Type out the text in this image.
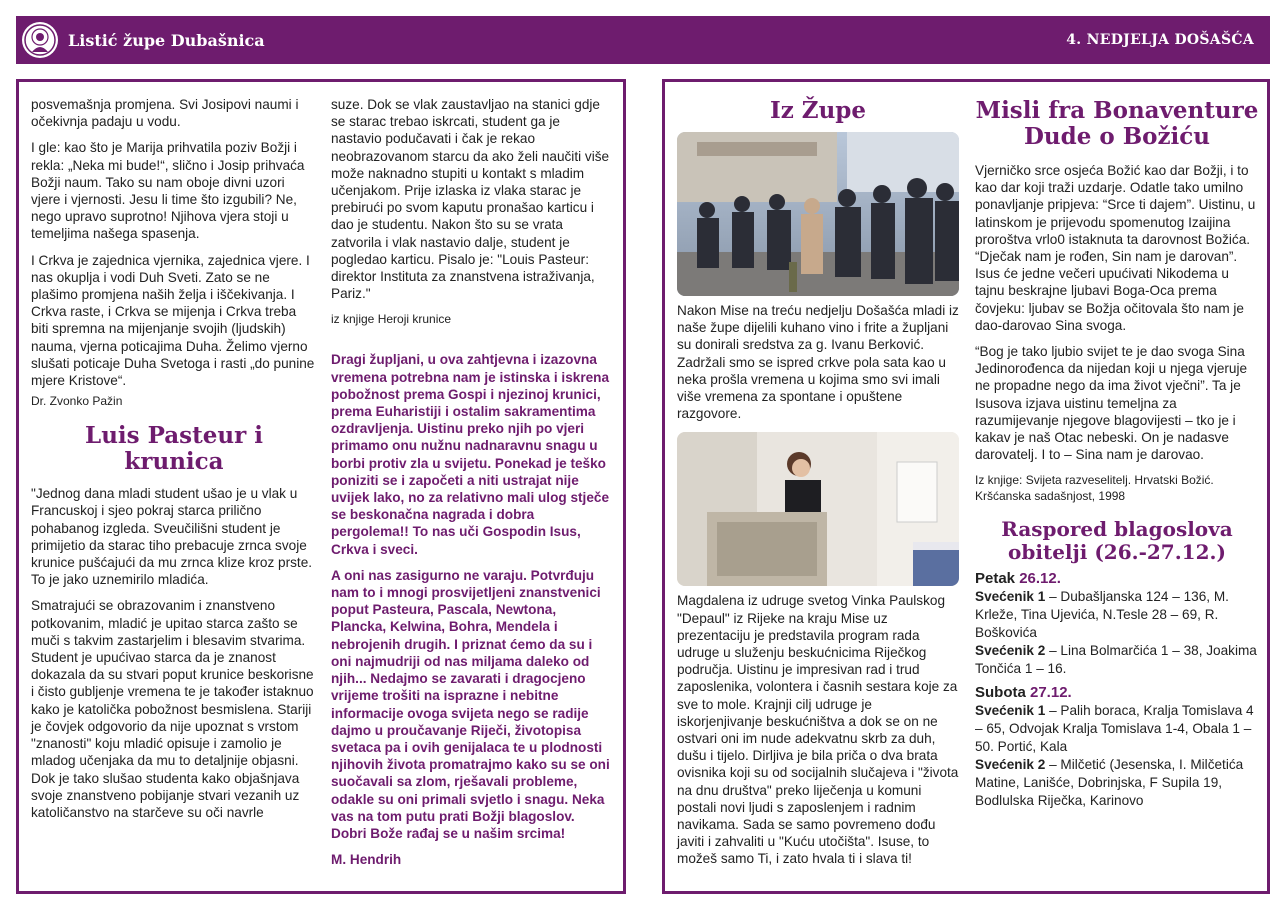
Listić župe Dubašnica	4. NEDJELJA DOŠAŠĆA

posvemašnja promjena. Svi Josipovi naumi i očekivnja padaju u vodu.

I gle: kao što je Marija prihvatila poziv Božji i rekla: „Neka mi bude!“, slično i Josip prihvaća Božji naum. Tako su nam oboje divni uzori vjere i vjernosti. Jesu li time što izgubili? Ne, nego upravo suprotno! Njihova vjera stoji u temeljima našega spasenja.

I Crkva je zajednica vjernika, zajednica vjere. I nas okuplja i vodi Duh Sveti. Zato se ne plašimo promjena naših želja i iščekivanja. I Crkva raste, i Crkva se mijenja i Crkva treba biti spremna na mijenjanje svojih (ljudskih) nauma, vjerna poticajima Duha. Želimo vjerno slušati poticaje Duha Svetoga i rasti „do punine mjere Kristove“.

Dr. Zvonko Pažin

Luis Pasteur i krunica

"Jednog dana mladi student ušao je u vlak u Francuskoj i sjeo pokraj starca prilično pohabanog izgleda. Sveučilišni student je primijetio da starac tiho prebacuje zrnca svoje krunice pušćajući da mu zrnca klize kroz prste. To je jako uznemirilo mladića.

Smatrajući se obrazovanim i znanstveno potkovanim, mladić je upitao starca zašto se muči s takvim zastarjelim i blesavim stvarima. Student je upućivao starca da je znanost dokazala da su stvari poput krunice beskorisne i čisto gubljenje vremena te je također istaknuo kako je katolička pobožnost besmislena. Stariji je čovjek odgovorio da nije upoznat s vrstom "znanosti" koju mladić opisuje i zamolio je mladog učenjaka da mu to detaljnije objasni. Dok je tako slušao studenta kako objašnjava svoje znanstveno pobijanje stvari vezanih uz katoličanstvo na starčeve su oči navrle

suze. Dok se vlak zaustavljao na stanici gdje se starac trebao iskrcati, student ga je nastavio podučavati i čak je rekao neobrazovanom starcu da ako želi naučiti više može naknadno stupiti u kontakt s mladim učenjakom. Prije izlaska iz vlaka starac je prebirući po svom kaputu pronašao karticu i dao je studentu. Nakon što su se vrata zatvorila i vlak nastavio dalje, student je pogledao karticu. Pisalo je: "Louis Pasteur: direktor Instituta za znanstvena istraživanja, Pariz."

iz knjige Heroji krunice

Dragi župljani, u ova zahtjevna i izazovna vremena potrebna nam je istinska i iskrena pobožnost prema Gospi i njezinoj krunici, prema Euharistiji i ostalim sakramentima ozdravljenja. Uistinu preko njih po vjeri primamo onu nužnu nadnaravnu snagu u borbi protiv zla u svijetu. Ponekad je teško poniziti se i započeti a niti ustrajat nije uvijek lako, no za relativno mali ulog stječe se beskonačna nagrada i dobra pergolema!! To nas uči Gospodin Isus, Crkva i sveci.

A oni nas zasigurno ne varaju. Potvrđuju nam to i mnogi prosvijetljeni znanstvenici poput Pasteura, Pascala, Newtona, Plancka, Kelwina, Bohra, Mendela i nebrojenih drugih. I priznat ćemo da su i oni najmudriji od nas miljama daleko od njih... Nedajmo se zavarati i dragocjeno vrijeme trošiti na isprazne i nebitne informacije ovoga svijeta nego se radije dajmo u proučavanje Riječi, životopisa svetaca pa i ovih genijalaca te u plodnosti njihovih života promatrajmo kako su se oni suočavali sa zlom, rješavali probleme, odakle su oni primali svjetlo i snagu. Neka vas na tom putu prati Božji blagoslov. Dobri Bože rađaj se u našim srcima!

M. Hendrih

Iz Župe

Nakon Mise na treću nedjelju Došašća mladi iz naše župe dijelili kuhano vino i frite a župljani su donirali sredstva za g. Ivanu Berković. Zadržali smo se ispred crkve pola sata kao u neka prošla vremena u kojima smo svi imali više vremena za spontane i opuštene razgovore.

Magdalena iz udruge svetog Vinka Paulskog "Depaul" iz Rijeke na kraju Mise uz prezentaciju je predstavila program rada udruge u služenju beskućnicima Riječkog područja. Uistinu je impresivan rad i trud zaposlenika, volontera i časnih sestara koje za sve to mole. Krajnji cilj udruge je iskorjenjivanje beskućništva a dok se on ne ostvari oni im nude adekvatnu skrb za duh, dušu i tijelo. Dirljiva je bila priča o dva brata ovisnika koji su od socijalnih slučajeva i "života na dnu društva" preko liječenja u komuni postali novi ljudi s zaposlenjem i radnim navikama. Sada se samo povremeno dođu javiti i zahvaliti u "Kuću utočišta". Isuse, to možeš samo Ti, i zato hvala ti i slava ti!

Misli fra Bonaventure Dude o Božiću

Vjerničko srce osjeća Božić kao dar Božji, i to kao dar koji traži uzdarje. Odatle tako umilno ponavljanje pripjeva: “Srce ti dajem”. Uistinu, u latinskom je prijevodu spomenutog Izaijina proroštva vrlo0 istaknuta ta darovnost Božića. “Dječak nam je rođen, Sin nam je darovan”. Isus će jedne večeri upućivati Nikodema u tajnu beskrajne ljubavi Boga-Oca prema čovjeku: ljubav se Božja očitovala što nam je dao-darovao Sina svoga.

“Bog je tako ljubio svijet te je dao svoga Sina Jedinorođenca da nijedan koji u njega vjeruje ne propadne nego da ima život vječni”. Ta je Isusova izjava uistinu temeljna za razumijevanje njegove blagovijesti – tko je i kakav je naš Otac nebeski. On je nadasve darovatelj. I to – Sina nam je darovao.

Iz knjige: Svijeta razveselitelj. Hrvatski Božić. Kršćanska sadašnjost, 1998

Raspored blagoslova obitelji (26.-27.12.)
Petak 26.12.
Svećenik 1 – Dubašljanska 124 – 136, M. Krleže, Tina Ujevića, N.Tesle 28 – 69, R. Boškovića
Svećenik 2 – Lina Bolmarčića 1 – 38, Joakima Tončića 1 – 16.
Subota 27.12.
Svećenik 1 – Palih boraca, Kralja Tomislava 4 – 65, Odvojak Kralja Tomislava 1-4, Obala 1 – 50. Portić, Kala
Svećenik 2 – Milčetić (Jesenska, I. Milčetića Matine, Lanišće, Dobrinjska, F Supila 19, Bodlulska Riječka, Karinovo
